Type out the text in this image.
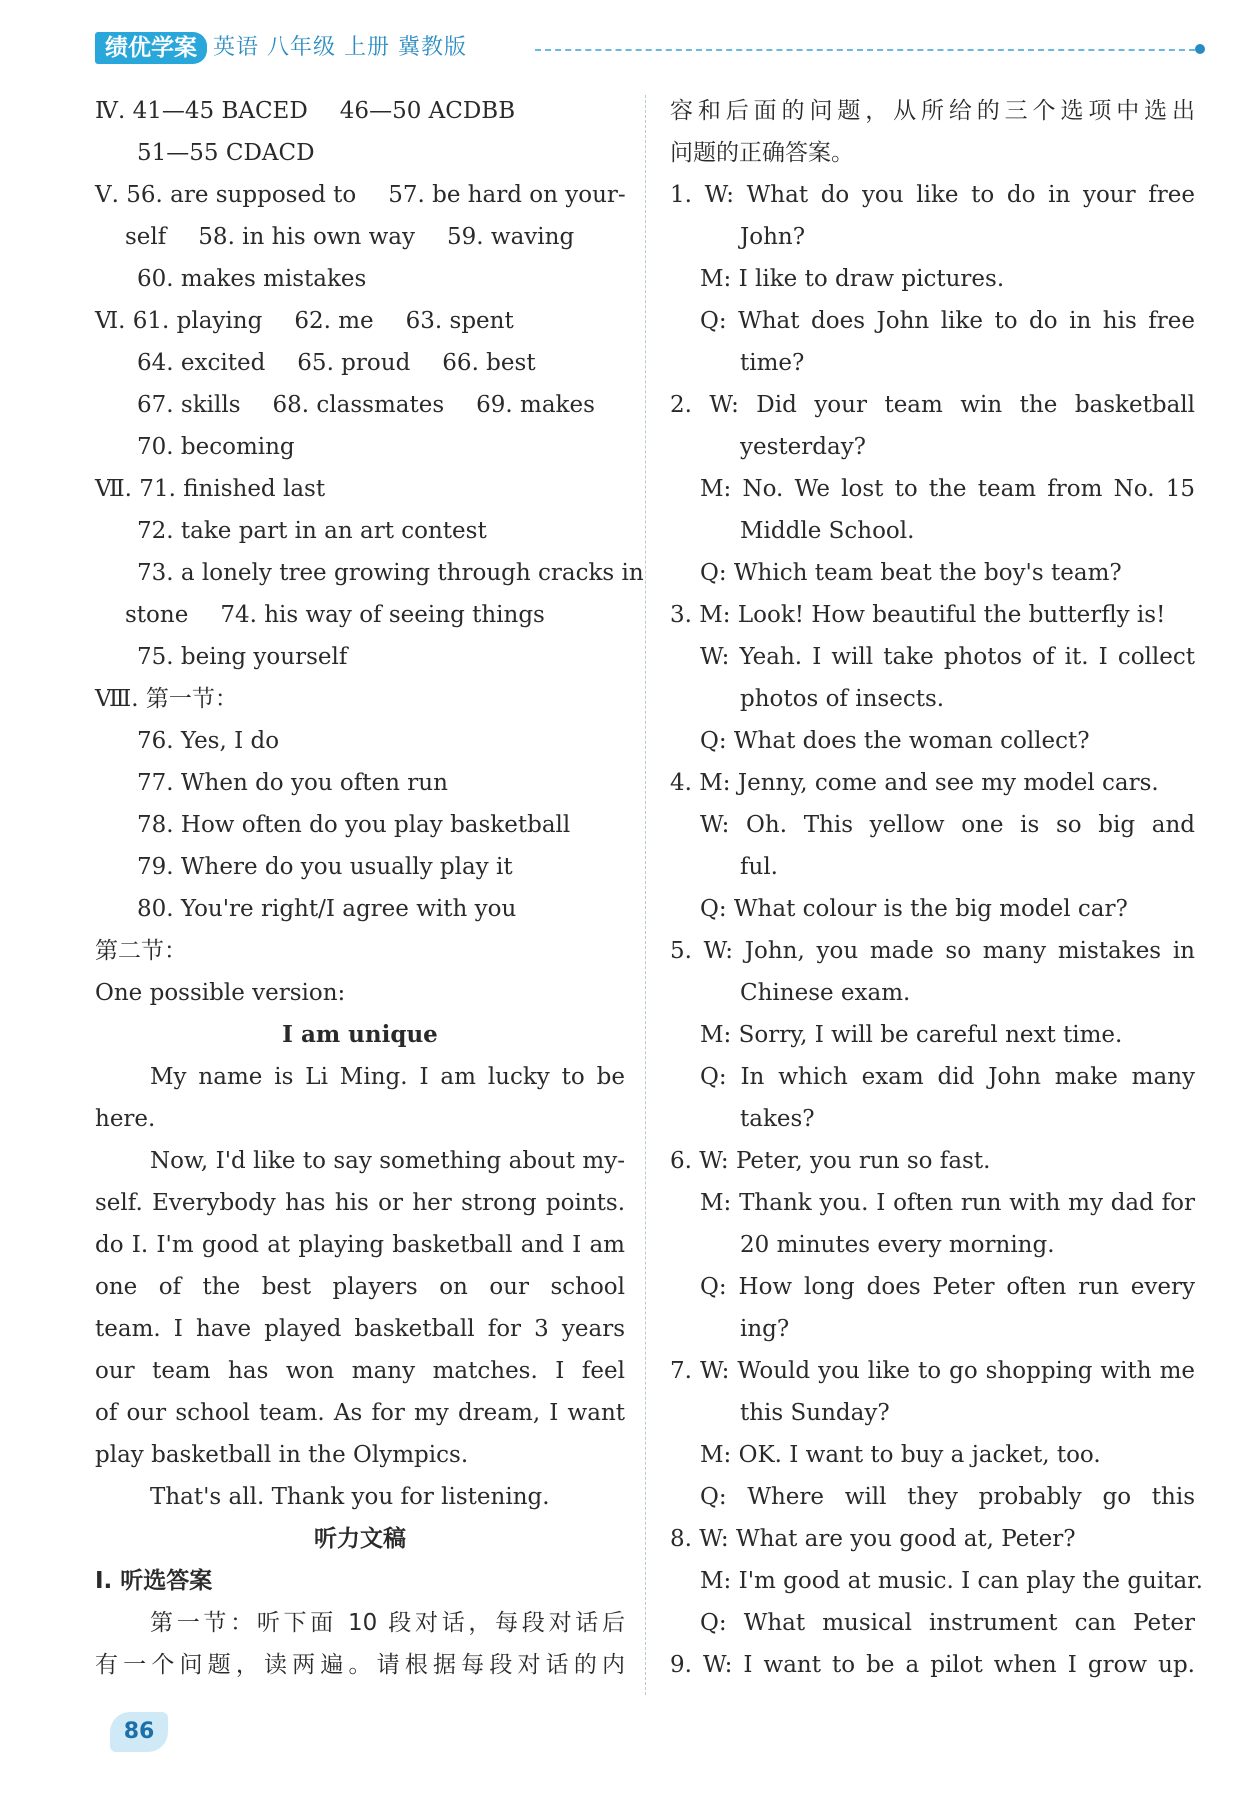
绩优学案 英语 八年级 上册 冀教版
Ⅳ. 41—45 BACED 46—50 ACDBB
51—55 CDACD
Ⅴ. 56. are supposed to 57. be hard on your-
self 58. in his own way 59. waving
60. makes mistakes
Ⅵ. 61. playing 62. me 63. spent
64. excited 65. proud 66. best
67. skills 68. classmates 69. makes
70. becoming
Ⅶ. 71. finished last
72. take part in an art contest
73. a lonely tree growing through cracks in
stone 74. his way of seeing things
75. being yourself
Ⅷ. 第一节：
76. Yes, I do
77. When do you often run
78. How often do you play basketball
79. Where do you usually play it
80. You're right/I agree with you
第二节：
One possible version:
I am unique
My name is Li Ming. I am lucky to be
here.
Now, I'd like to say something about my-
self. Everybody has his or her strong points.
do I. I'm good at playing basketball and I am
one of the best players on our school
team. I have played basketball for 3 years
our team has won many matches. I feel
of our school team. As for my dream, I want
play basketball in the Olympics.
That's all. Thank you for listening.
听力文稿
Ⅰ. 听选答案
第一节：听下面 10 段对话，每段对话后
有一个问题，读两遍。请根据每段对话的内
容和后面的问题，从所给的三个选项中选出
问题的正确答案。
1. W: What do you like to do in your free
John?
M: I like to draw pictures.
Q: What does John like to do in his free
time?
2. W: Did your team win the basketball
yesterday?
M: No. We lost to the team from No. 15
Middle School.
Q: Which team beat the boy's team?
3. M: Look! How beautiful the butterfly is!
W: Yeah. I will take photos of it. I collect
photos of insects.
Q: What does the woman collect?
4. M: Jenny, come and see my model cars.
W: Oh. This yellow one is so big and
ful.
Q: What colour is the big model car?
5. W: John, you made so many mistakes in
Chinese exam.
M: Sorry, I will be careful next time.
Q: In which exam did John make many
takes?
6. W: Peter, you run so fast.
M: Thank you. I often run with my dad for
20 minutes every morning.
Q: How long does Peter often run every
ing?
7. W: Would you like to go shopping with me
this Sunday?
M: OK. I want to buy a jacket, too.
Q: Where will they probably go this
8. W: What are you good at, Peter?
M: I'm good at music. I can play the guitar.
Q: What musical instrument can Peter
9. W: I want to be a pilot when I grow up.
86
